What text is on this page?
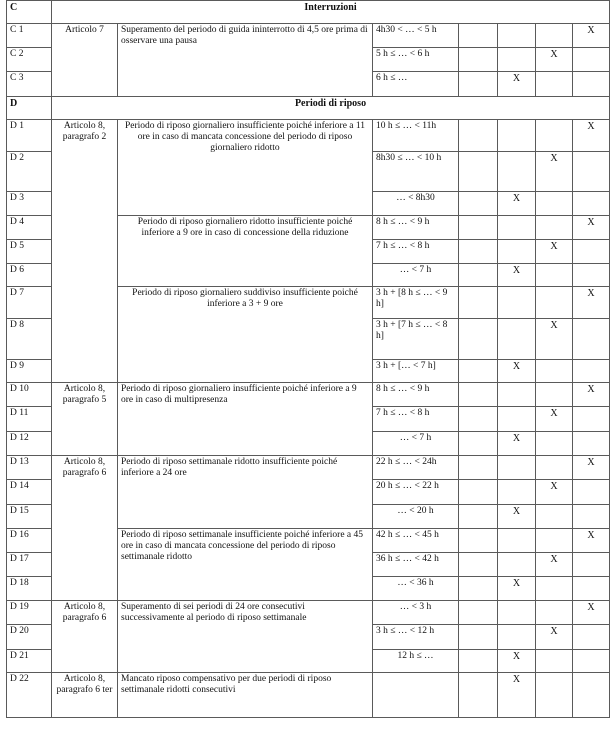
C	Interruzioni						
C 1	Articolo 7	Superamento del periodo di guida ininterrotto di 4,5 ore prima di osservare una pausa	4h30 < … < 5 h				X
C 2			5 h ≤ … < 6 h			X	
C 3			6 h ≤ …		X		
D	Periodi di riposo						
D 1	Articolo 8, paragrafo 2	Periodo di riposo giornaliero insufficiente poiché inferiore a 11 ore in caso di mancata concessione del periodo di riposo giornaliero ridotto	10 h ≤ … < 11h				X
D 2			8h30 ≤ … < 10 h			X	
D 3			… < 8h30		X		
D 4		Periodo di riposo giornaliero ridotto insufficiente poiché inferiore a 9 ore in caso di concessione della riduzione	8 h ≤ … < 9 h				X
D 5			7 h ≤ … < 8 h			X	
D 6			… < 7 h		X		
D 7		Periodo di riposo giornaliero suddiviso insufficiente poiché inferiore a 3 + 9 ore	3 h + [8 h ≤ … < 9 h]				X
D 8			3 h + [7 h ≤ … < 8 h]			X	
D 9			3 h + [… < 7 h]		X		
D 10	Articolo 8, paragrafo 5	Periodo di riposo giornaliero insufficiente poiché inferiore a 9 ore in caso di multipresenza	8 h ≤ … < 9 h				X
D 11			7 h ≤ … < 8 h			X	
D 12			… < 7 h		X		
D 13	Articolo 8, paragrafo 6	Periodo di riposo settimanale ridotto insufficiente poiché inferiore a 24 ore	22 h ≤ … < 24h				X
D 14			20 h ≤ … < 22 h			X	
D 15			… < 20 h		X		
D 16		Periodo di riposo settimanale insufficiente poiché inferiore a 45 ore in caso di mancata concessione del periodo di riposo settimanale ridotto	42 h ≤ … < 45 h				X
D 17			36 h ≤ … < 42 h			X	
D 18			… < 36 h		X		
D 19	Articolo 8, paragrafo 6	Superamento di sei periodi di 24 ore consecutivi successivamente al periodo di riposo settimanale	… < 3 h				X
D 20			3 h ≤ … < 12 h			X	
D 21			12 h ≤ …		X		
D 22	Articolo 8, paragrafo 6 ter	Mancato riposo compensativo per due periodi di riposo settimanale ridotti consecutivi			X		
